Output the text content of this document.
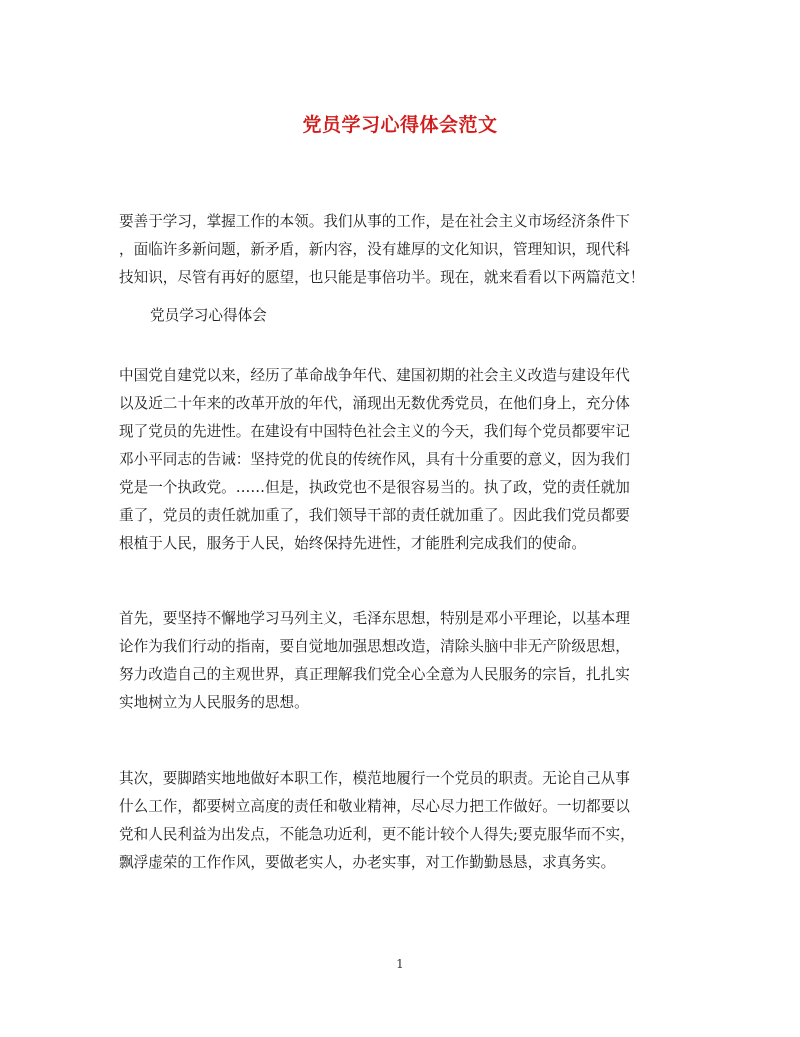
党员学习心得体会范文
要善于学习，掌握工作的本领。我们从事的工作，是在社会主义市场经济条件下
，面临许多新问题，新矛盾，新内容，没有雄厚的文化知识，管理知识，现代科
技知识，尽管有再好的愿望，也只能是事倍功半。现在，就来看看以下两篇范文！
党员学习心得体会
中国党自建党以来，经历了革命战争年代、建国初期的社会主义改造与建设年代
以及近二十年来的改革开放的年代，涌现出无数优秀党员，在他们身上，充分体
现了党员的先进性。在建设有中国特色社会主义的今天，我们每个党员都要牢记
邓小平同志的告诫：坚持党的优良的传统作风，具有十分重要的意义，因为我们
党是一个执政党。……但是，执政党也不是很容易当的。执了政，党的责任就加
重了，党员的责任就加重了，我们领导干部的责任就加重了。因此我们党员都要
根植于人民，服务于人民，始终保持先进性，才能胜利完成我们的使命。
首先，要坚持不懈地学习马列主义，毛泽东思想，特别是邓小平理论，以基本理
论作为我们行动的指南，要自觉地加强思想改造，清除头脑中非无产阶级思想，
努力改造自己的主观世界，真正理解我们党全心全意为人民服务的宗旨，扎扎实
实地树立为人民服务的思想。
其次，要脚踏实地地做好本职工作，模范地履行一个党员的职责。无论自己从事
什么工作，都要树立高度的责任和敬业精神，尽心尽力把工作做好。一切都要以
党和人民利益为出发点，不能急功近利，更不能计较个人得失;要克服华而不实，
飘浮虚荣的工作作风，要做老实人，办老实事，对工作勤勤恳恳，求真务实。
1
